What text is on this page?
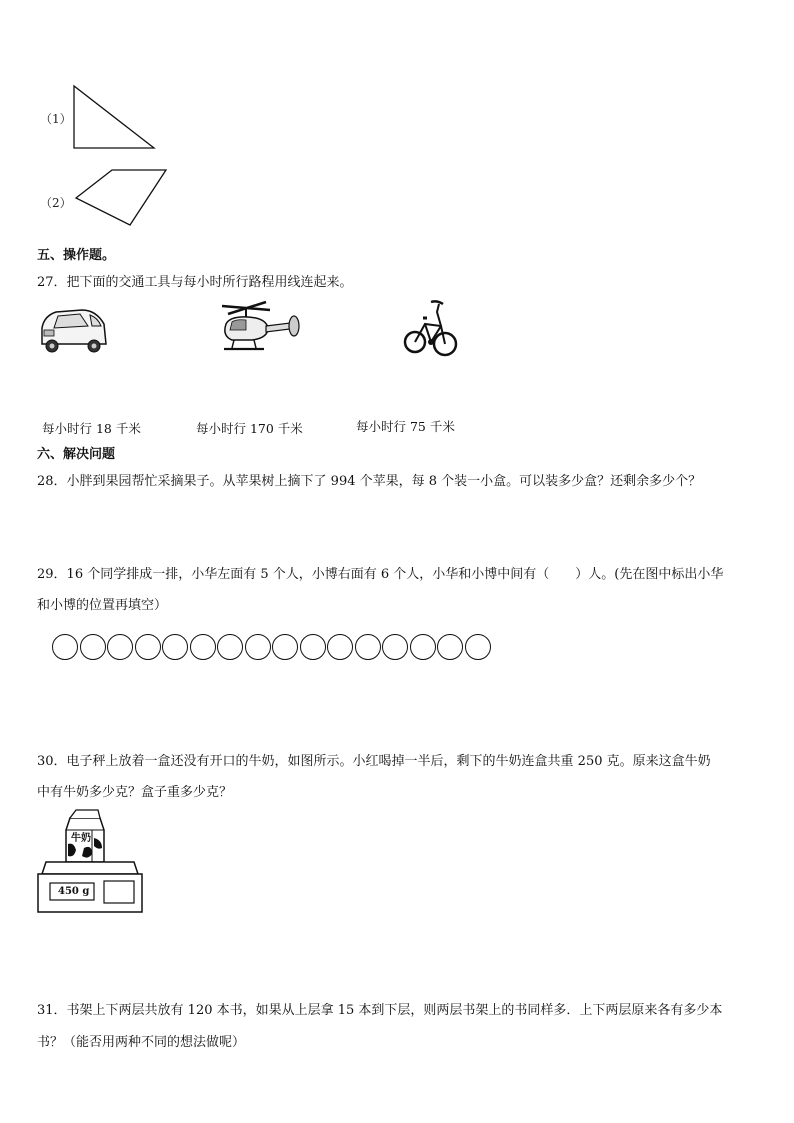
（1）
（2）
五、操作题。
27．把下面的交通工具与每小时所行路程用线连起来。
每小时行 18 千米	每小时行 170 千米	每小时行 75 千米
六、解决问题
28．小胖到果园帮忙采摘果子。从苹果树上摘下了 994 个苹果，每 8 个装一小盒。可以装多少盒？还剩余多少个？
29．16 个同学排成一排，小华左面有 5 个人，小博右面有 6 个人，小华和小博中间有（　　）人。(先在图中标出小华
和小博的位置再填空）
30．电子秤上放着一盒还没有开口的牛奶，如图所示。小红喝掉一半后，剩下的牛奶连盒共重 250 克。原来这盒牛奶
中有牛奶多少克？盒子重多少克？
牛奶
450 g
31．书架上下两层共放有 120 本书，如果从上层拿 15 本到下层，则两层书架上的书同样多．上下两层原来各有多少本
书？（能否用两种不同的想法做呢）
